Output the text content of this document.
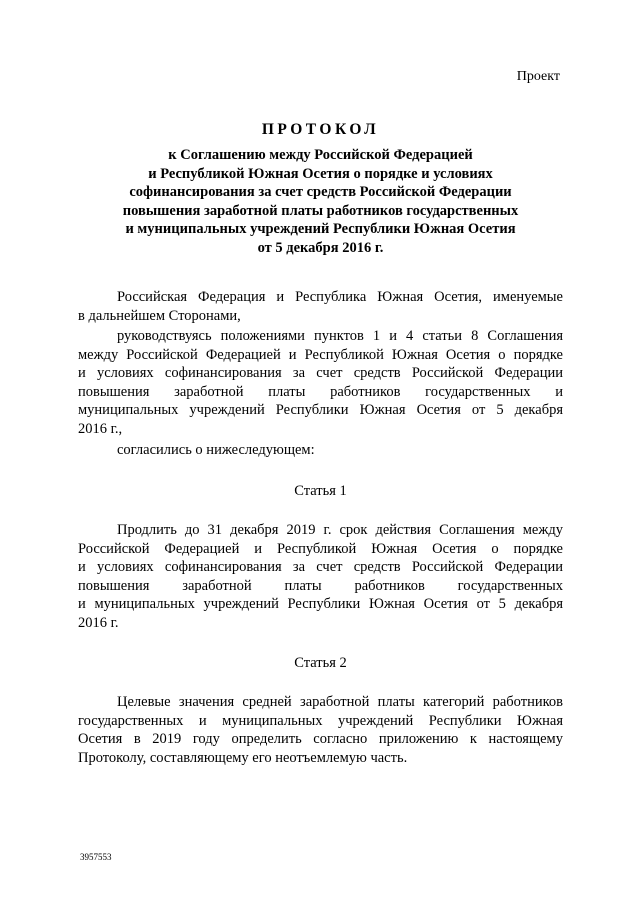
Проект
ПРОТОКОЛ
к Соглашению между Российской Федерацией
и Республикой Южная Осетия о порядке и условиях
софинансирования за счет средств Российской Федерации
повышения заработной платы работников государственных
и муниципальных учреждений Республики Южная Осетия
от 5 декабря 2016 г.
Российская Федерация и Республика Южная Осетия, именуемые
в дальнейшем Сторонами,
руководствуясь положениями пунктов 1 и 4 статьи 8 Соглашения
между Российской Федерацией и Республикой Южная Осетия о порядке
и условиях софинансирования за счет средств Российской Федерации
повышения заработной платы работников государственных и
муниципальных учреждений Республики Южная Осетия от 5 декабря
2016 г.,
согласились о нижеследующем:
Статья 1
Продлить до 31 декабря 2019 г. срок действия Соглашения между
Российской Федерацией и Республикой Южная Осетия о порядке
и условиях софинансирования за счет средств Российской Федерации
повышения заработной платы работников государственных
и муниципальных учреждений Республики Южная Осетия от 5 декабря
2016 г.
Статья 2
Целевые значения средней заработной платы категорий работников
государственных и муниципальных учреждений Республики Южная
Осетия в 2019 году определить согласно приложению к настоящему
Протоколу, составляющему его неотъемлемую часть.
3957553
